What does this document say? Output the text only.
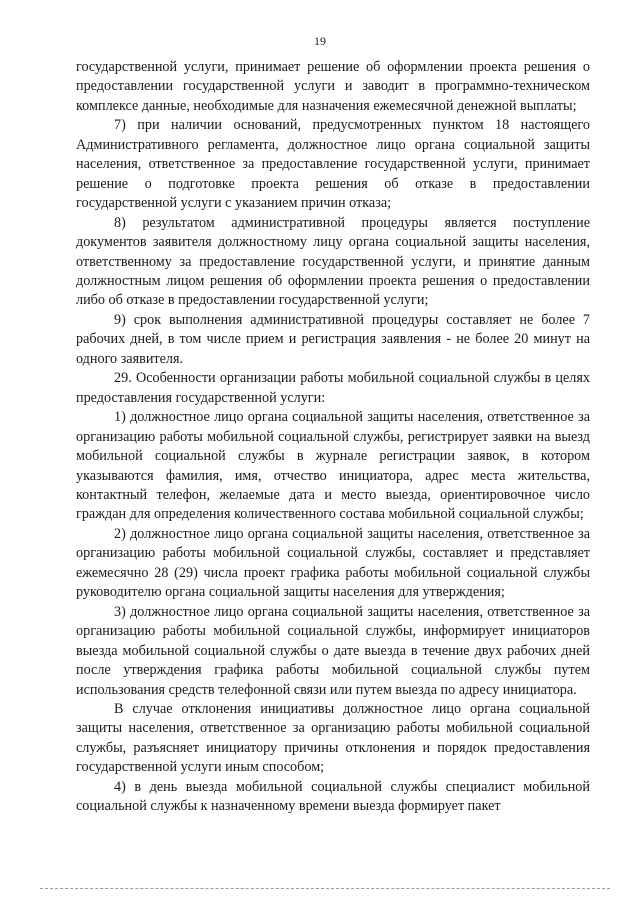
19

государственной услуги, принимает решение об оформлении проекта решения о предоставлении государственной услуги и заводит в программно-техническом комплексе данные, необходимые для назначения ежемесячной денежной выплаты;

7) при наличии оснований, предусмотренных пунктом 18 настоящего Административного регламента, должностное лицо органа социальной защиты населения, ответственное за предоставление государственной услуги, принимает решение о подготовке проекта решения об отказе в предоставлении государственной услуги с указанием причин отказа;

8) результатом административной процедуры является поступление документов заявителя должностному лицу органа социальной защиты населения, ответственному за предоставление государственной услуги, и принятие данным должностным лицом решения об оформлении проекта решения о предоставлении либо об отказе в предоставлении государственной услуги;

9) срок выполнения административной процедуры составляет не более 7 рабочих дней, в том числе прием и регистрация заявления - не более 20 минут на одного заявителя.

29. Особенности организации работы мобильной социальной службы в целях предоставления государственной услуги:

1) должностное лицо органа социальной защиты населения, ответственное за организацию работы мобильной социальной службы, регистрирует заявки на выезд мобильной социальной службы в журнале регистрации заявок, в котором указываются фамилия, имя, отчество инициатора, адрес места жительства, контактный телефон, желаемые дата и место выезда, ориентировочное число граждан для определения количественного состава мобильной социальной службы;

2) должностное лицо органа социальной защиты населения, ответственное за организацию работы мобильной социальной службы, составляет и представляет ежемесячно 28 (29) числа проект графика работы мобильной социальной службы руководителю органа социальной защиты населения для утверждения;

3) должностное лицо органа социальной защиты населения, ответственное за организацию работы мобильной социальной службы, информирует инициаторов выезда мобильной социальной службы о дате выезда в течение двух рабочих дней после утверждения графика работы мобильной социальной службы путем использования средств телефонной связи или путем выезда по адресу инициатора.

В случае отклонения инициативы должностное лицо органа социальной защиты населения, ответственное за организацию работы мобильной социальной службы, разъясняет инициатору причины отклонения и порядок предоставления государственной услуги иным способом;

4) в день выезда мобильной социальной службы специалист мобильной социальной службы к назначенному времени выезда формирует пакет
